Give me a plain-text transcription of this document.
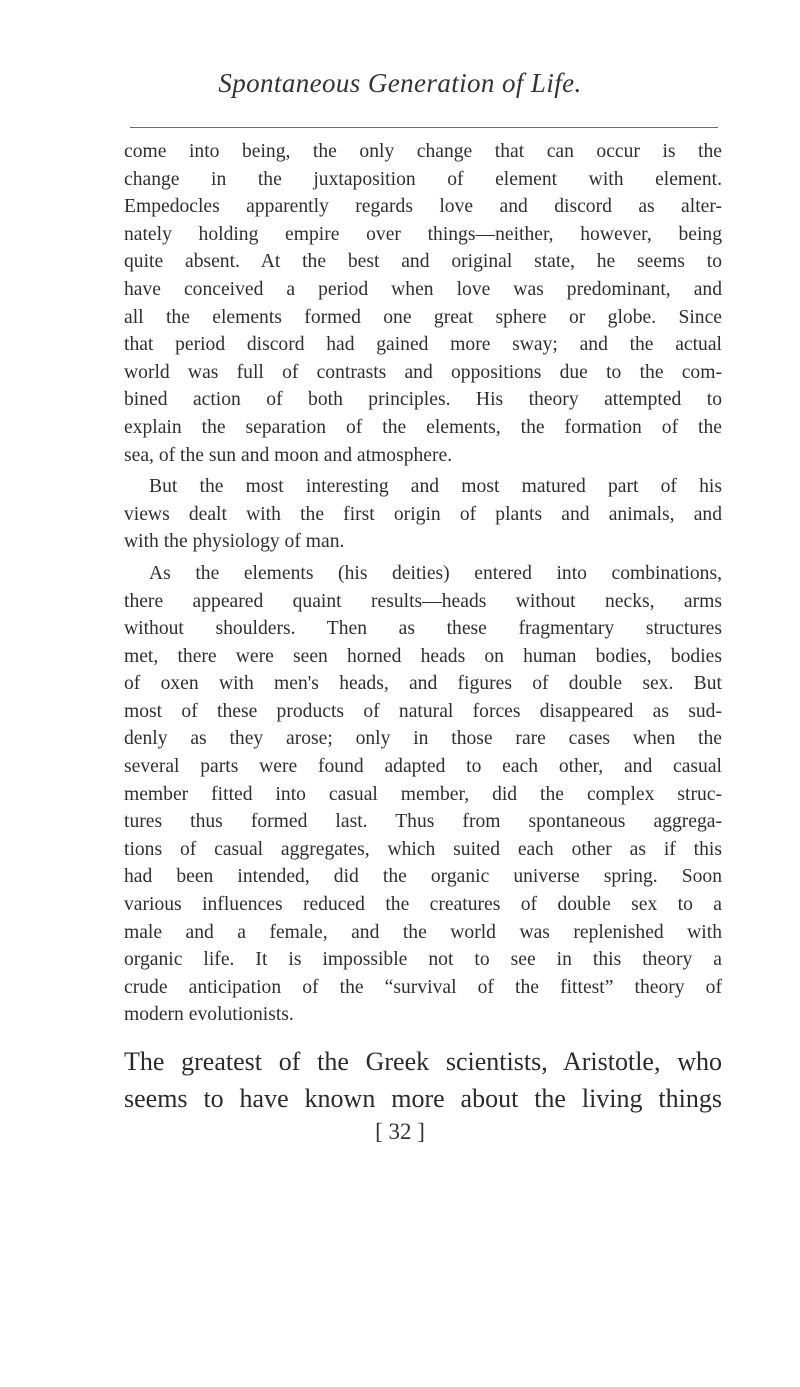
Spontaneous Generation of Life.
come into being, the only change that can occur is the
change in the juxtaposition of element with element.
Empedocles apparently regards love and discord as alter-
nately holding empire over things—neither, however, being
quite absent. At the best and original state, he seems to
have conceived a period when love was predominant, and
all the elements formed one great sphere or globe. Since
that period discord had gained more sway; and the actual
world was full of contrasts and oppositions due to the com-
bined action of both principles. His theory attempted to
explain the separation of the elements, the formation of the
sea, of the sun and moon and atmosphere.
But the most interesting and most matured part of his
views dealt with the first origin of plants and animals, and
with the physiology of man.
As the elements (his deities) entered into combinations,
there appeared quaint results—heads without necks, arms
without shoulders. Then as these fragmentary structures
met, there were seen horned heads on human bodies, bodies
of oxen with men's heads, and figures of double sex. But
most of these products of natural forces disappeared as sud-
denly as they arose; only in those rare cases when the
several parts were found adapted to each other, and casual
member fitted into casual member, did the complex struc-
tures thus formed last. Thus from spontaneous aggrega-
tions of casual aggregates, which suited each other as if this
had been intended, did the organic universe spring. Soon
various influences reduced the creatures of double sex to a
male and a female, and the world was replenished with
organic life. It is impossible not to see in this theory a
crude anticipation of the “survival of the fittest” theory of
modern evolutionists.
The greatest of the Greek scientists, Aristotle, who
seems to have known more about the living things
[ 32 ]
